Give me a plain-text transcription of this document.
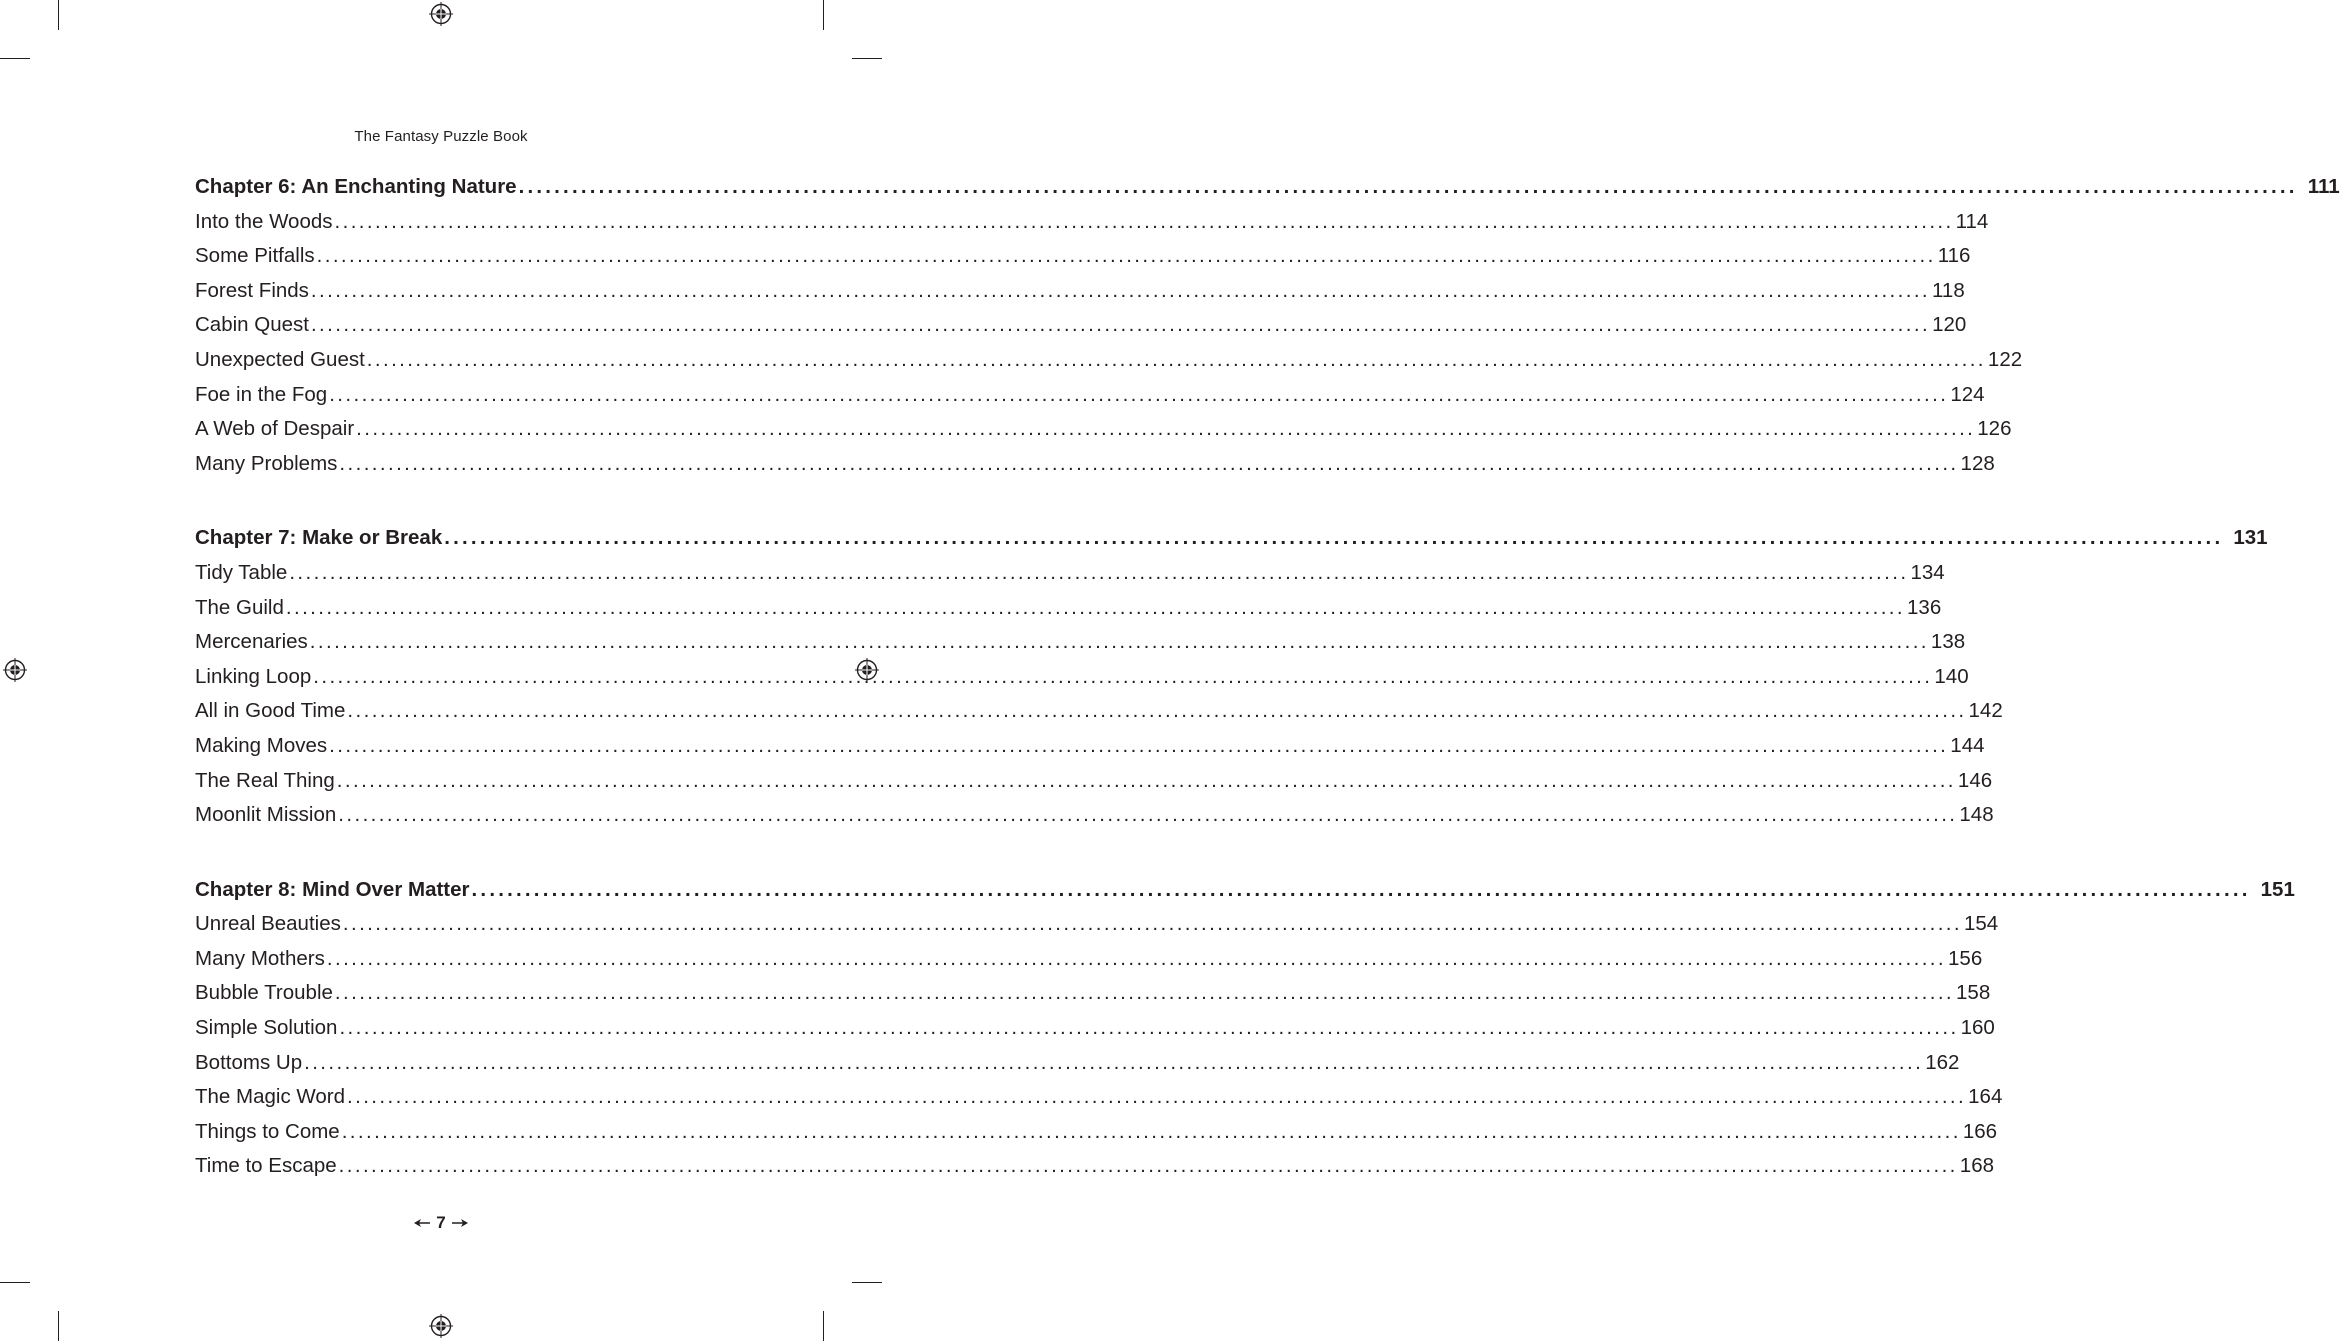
The Fantasy Puzzle Book
Chapter 6: An Enchanting Nature ........................................................................................................................................................................................................ 111
Into the Woods ........................................................................................................................................................................................................ 114
Some Pitfalls ........................................................................................................................................................................................................ 116
Forest Finds ........................................................................................................................................................................................................ 118
Cabin Quest ........................................................................................................................................................................................................ 120
Unexpected Guest ........................................................................................................................................................................................................ 122
Foe in the Fog ........................................................................................................................................................................................................ 124
A Web of Despair ........................................................................................................................................................................................................ 126
Many Problems ........................................................................................................................................................................................................ 128
Chapter 7: Make or Break ........................................................................................................................................................................................................ 131
Tidy Table ........................................................................................................................................................................................................ 134
The Guild ........................................................................................................................................................................................................ 136
Mercenaries ........................................................................................................................................................................................................ 138
Linking Loop ........................................................................................................................................................................................................ 140
All in Good Time ........................................................................................................................................................................................................ 142
Making Moves ........................................................................................................................................................................................................ 144
The Real Thing ........................................................................................................................................................................................................ 146
Moonlit Mission ........................................................................................................................................................................................................ 148
Chapter 8: Mind Over Matter ........................................................................................................................................................................................................ 151
Unreal Beauties ........................................................................................................................................................................................................ 154
Many Mothers ........................................................................................................................................................................................................ 156
Bubble Trouble ........................................................................................................................................................................................................ 158
Simple Solution ........................................................................................................................................................................................................ 160
Bottoms Up ........................................................................................................................................................................................................ 162
The Magic Word ........................................................................................................................................................................................................ 164
Things to Come ........................................................................................................................................................................................................ 166
Time to Escape ........................................................................................................................................................................................................ 168
7
